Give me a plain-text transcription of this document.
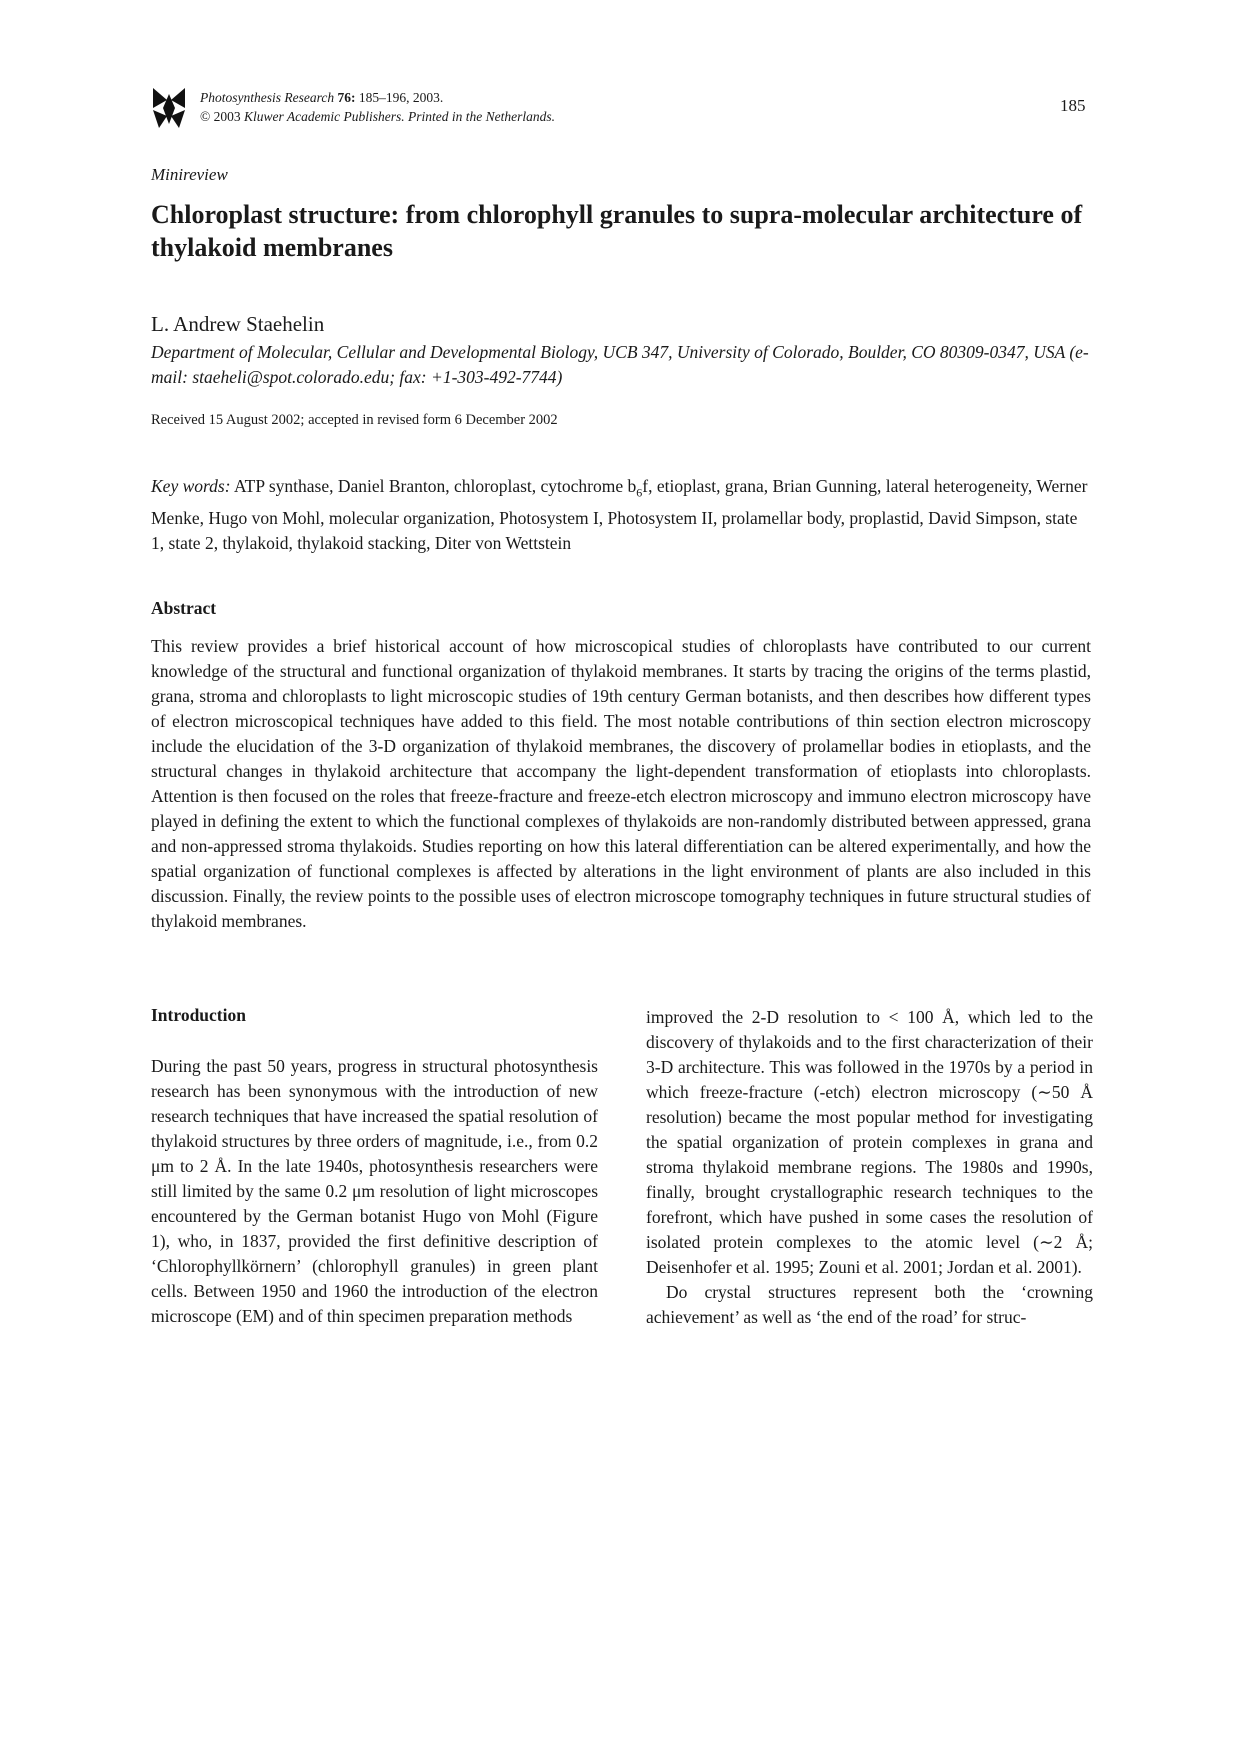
Photosynthesis Research 76: 185–196, 2003.
© 2003 Kluwer Academic Publishers. Printed in the Netherlands.
185
Minireview
Chloroplast structure: from chlorophyll granules to supra-molecular architecture of thylakoid membranes
L. Andrew Staehelin
Department of Molecular, Cellular and Developmental Biology, UCB 347, University of Colorado, Boulder, CO 80309-0347, USA (e-mail: staeheli@spot.colorado.edu; fax: +1-303-492-7744)
Received 15 August 2002; accepted in revised form 6 December 2002
Key words: ATP synthase, Daniel Branton, chloroplast, cytochrome $b_6f$, etioplast, grana, Brian Gunning, lateral heterogeneity, Werner Menke, Hugo von Mohl, molecular organization, Photosystem I, Photosystem II, prolamellar body, proplastid, David Simpson, state 1, state 2, thylakoid, thylakoid stacking, Diter von Wettstein
Abstract
This review provides a brief historical account of how microscopical studies of chloroplasts have contributed to our current knowledge of the structural and functional organization of thylakoid membranes. It starts by tracing the origins of the terms plastid, grana, stroma and chloroplasts to light microscopic studies of 19th century German botanists, and then describes how different types of electron microscopical techniques have added to this field. The most notable contributions of thin section electron microscopy include the elucidation of the 3-D organization of thylakoid membranes, the discovery of prolamellar bodies in etioplasts, and the structural changes in thylakoid architecture that accompany the light-dependent transformation of etioplasts into chloroplasts. Attention is then focused on the roles that freeze-fracture and freeze-etch electron microscopy and immuno electron microscopy have played in defining the extent to which the functional complexes of thylakoids are non-randomly distributed between appressed, grana and non-appressed stroma thylakoids. Studies reporting on how this lateral differentiation can be altered experimentally, and how the spatial organization of functional complexes is affected by alterations in the light environment of plants are also included in this discussion. Finally, the review points to the possible uses of electron microscope tomography techniques in future structural studies of thylakoid membranes.
Introduction

During the past 50 years, progress in structural photosynthesis research has been synonymous with the introduction of new research techniques that have increased the spatial resolution of thylakoid structures by three orders of magnitude, i.e., from 0.2 μm to 2 Å. In the late 1940s, photosynthesis researchers were still limited by the same 0.2 μm resolution of light microscopes encountered by the German botanist Hugo von Mohl (Figure 1), who, in 1837, provided the first definitive description of ‘Chlorophyllkörnern’ (chlorophyll granules) in green plant cells. Between 1950 and 1960 the introduction of the electron microscope (EM) and of thin specimen preparation methods

improved the 2-D resolution to < 100 Å, which led to the discovery of thylakoids and to the first characterization of their 3-D architecture. This was followed in the 1970s by a period in which freeze-fracture (-etch) electron microscopy (∼50 Å resolution) became the most popular method for investigating the spatial organization of protein complexes in grana and stroma thylakoid membrane regions. The 1980s and 1990s, finally, brought crystallographic research techniques to the forefront, which have pushed in some cases the resolution of isolated protein complexes to the atomic level (∼2 Å; Deisenhofer et al. 1995; Zouni et al. 2001; Jordan et al. 2001).

Do crystal structures represent both the ‘crowning achievement’ as well as ‘the end of the road’ for struc-
